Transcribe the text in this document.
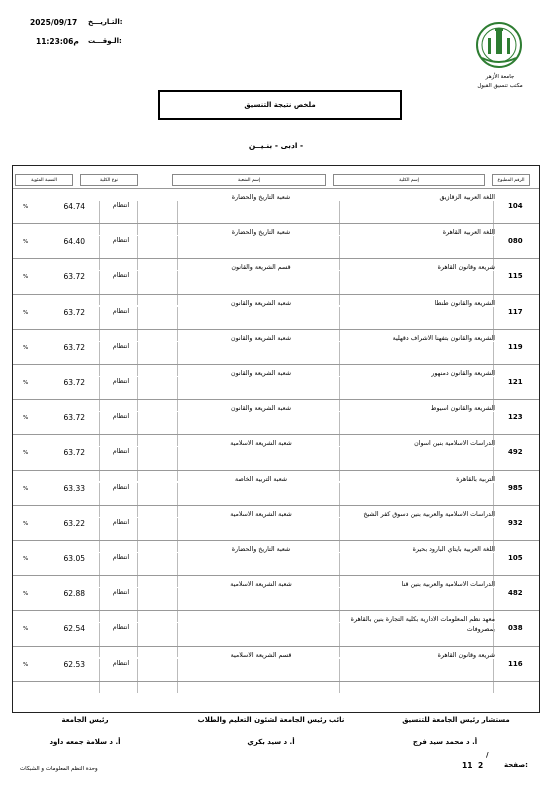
التـاريـــخ:
2025/09/17
الـوقـــت:
11:23:06م
جامعة الأزهر
مكتب تنسيق القبول
ملخص نتيجة التنسيق
- ادبى - بنـيــن
الرقم المطبوع
إسم الكلية
إسم الشعبة
نوع الكلية
النسبة المئوية
104
اللغة العربية الزقازيق
شعبة التاريخ والحضارة
انتظام
64.74
%
080
اللغة العربية القاهرة
شعبة التاريخ والحضارة
انتظام
64.40
%
115
شريعة وقانون القاهرة
قسم الشريعة والقانون
انتظام
63.72
%
117
الشريعة والقانون طنطا
شعبة الشريعة والقانون
انتظام
63.72
%
119
الشريعة والقانون بتفهنا الاشراف دقهلية
شعبة الشريعة والقانون
انتظام
63.72
%
121
الشريعة والقانون دمنهور
شعبة الشريعة والقانون
انتظام
63.72
%
123
الشريعة والقانون اسيوط
شعبة الشريعة والقانون
انتظام
63.72
%
492
الدراسات الاسلامية بنين اسوان
شعبة الشريعة الاسلامية
انتظام
63.72
%
985
التربية بالقاهرة
شعبة التربية الخاصة
انتظام
63.33
%
932
الدراسات الاسلامية والعربية بنين دسوق كفر الشيخ
شعبة الشريعة الاسلامية
انتظام
63.22
%
105
اللغة العربية بايتاي البارود بحيرة
شعبة التاريخ والحضارة
انتظام
63.05
%
482
الدراسات الاسلامية والعربية بنين قنا
شعبة الشريعة الاسلامية
انتظام
62.88
%
038
معهد نظم المعلومات الادارية بكلية التجارة بنين بالقاهرة بمصروفات
انتظام
62.54
%
116
شريعة وقانون القاهرة
قسم الشريعة الاسلامية
انتظام
62.53
%
مستشار رئيس الجامعة للتنسيق
أ. د محمد سيد فرج
نائب رئيس الجامعة لشئون التعليم والطلاب
أ. د سيد بكري
رئيس الجامعة
أ. د سلامة جمعه داود
/
صفحة:
2
11
وحدة النظم المعلومات و الشبكات
